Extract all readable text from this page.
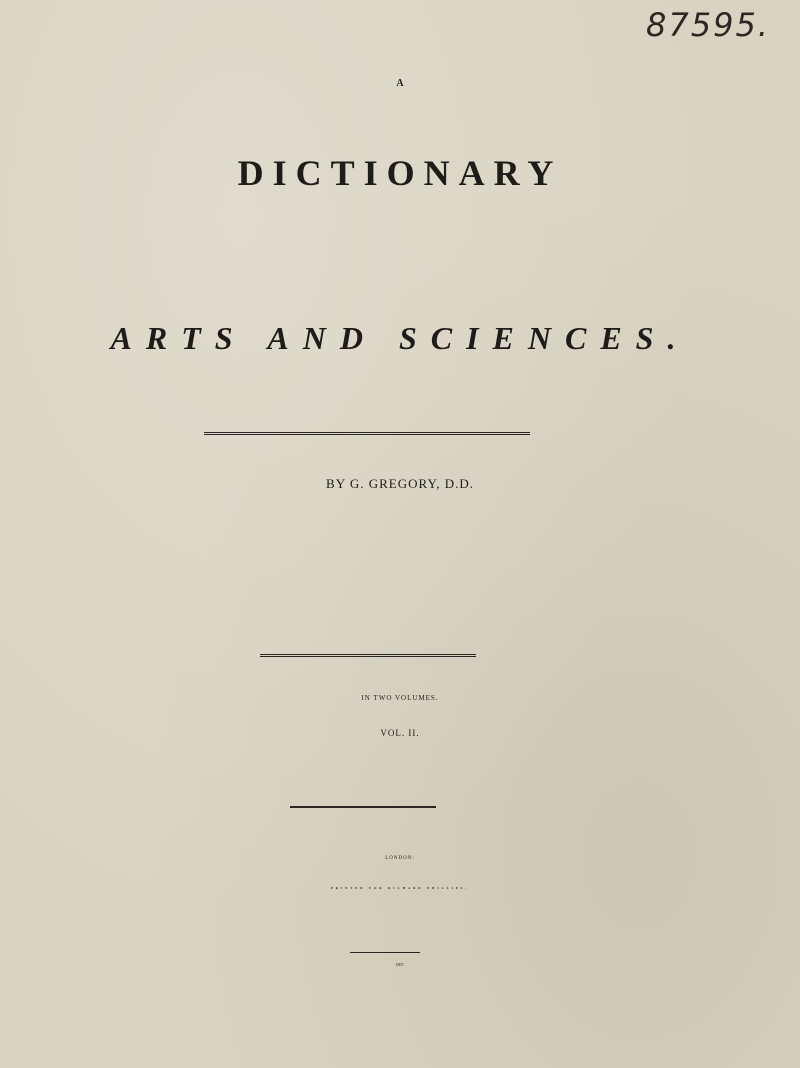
87595.
A
DICTIONARY
OF
ARTS AND SCIENCES.
BY G. GREGORY, D.D.
IN TWO VOLUMES.
VOL. II.
LONDON:
PRINTED FOR RICHARD PHILLIPS,
1807.
